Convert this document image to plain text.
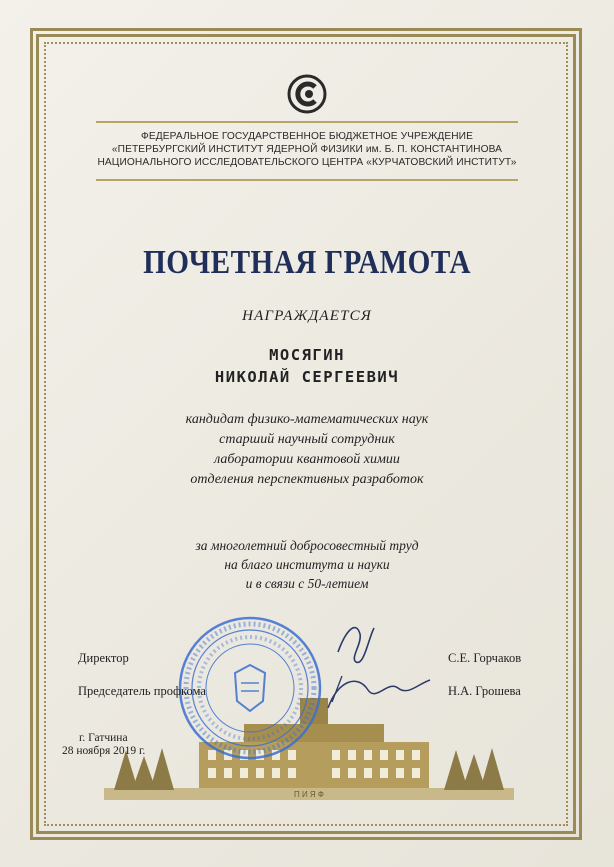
ФЕДЕРАЛЬНОЕ ГОСУДАРСТВЕННОЕ БЮДЖЕТНОЕ УЧРЕЖДЕНИЕ
«ПЕТЕРБУРГСКИЙ ИНСТИТУТ ЯДЕРНОЙ ФИЗИКИ им. Б. П. КОНСТАНТИНОВА
НАЦИОНАЛЬНОГО ИССЛЕДОВАТЕЛЬСКОГО ЦЕНТРА «КУРЧАТОВСКИЙ ИНСТИТУТ»
ПОЧЕТНАЯ ГРАМОТА
НАГРАЖДАЕТСЯ
МОСЯГИН
НИКОЛАЙ СЕРГЕЕВИЧ
кандидат физико-математических наук
старший научный сотрудник
лаборатории квантовой химии
отделения перспективных разработок
за многолетний добросовестный труд
на благо института и науки
и в связи с 50-летием
П И Я Ф
Директор	С.Е. Горчаков
Председатель профкома	Н.А. Грошева
г. Гатчина
28 ноября 2019 г.
